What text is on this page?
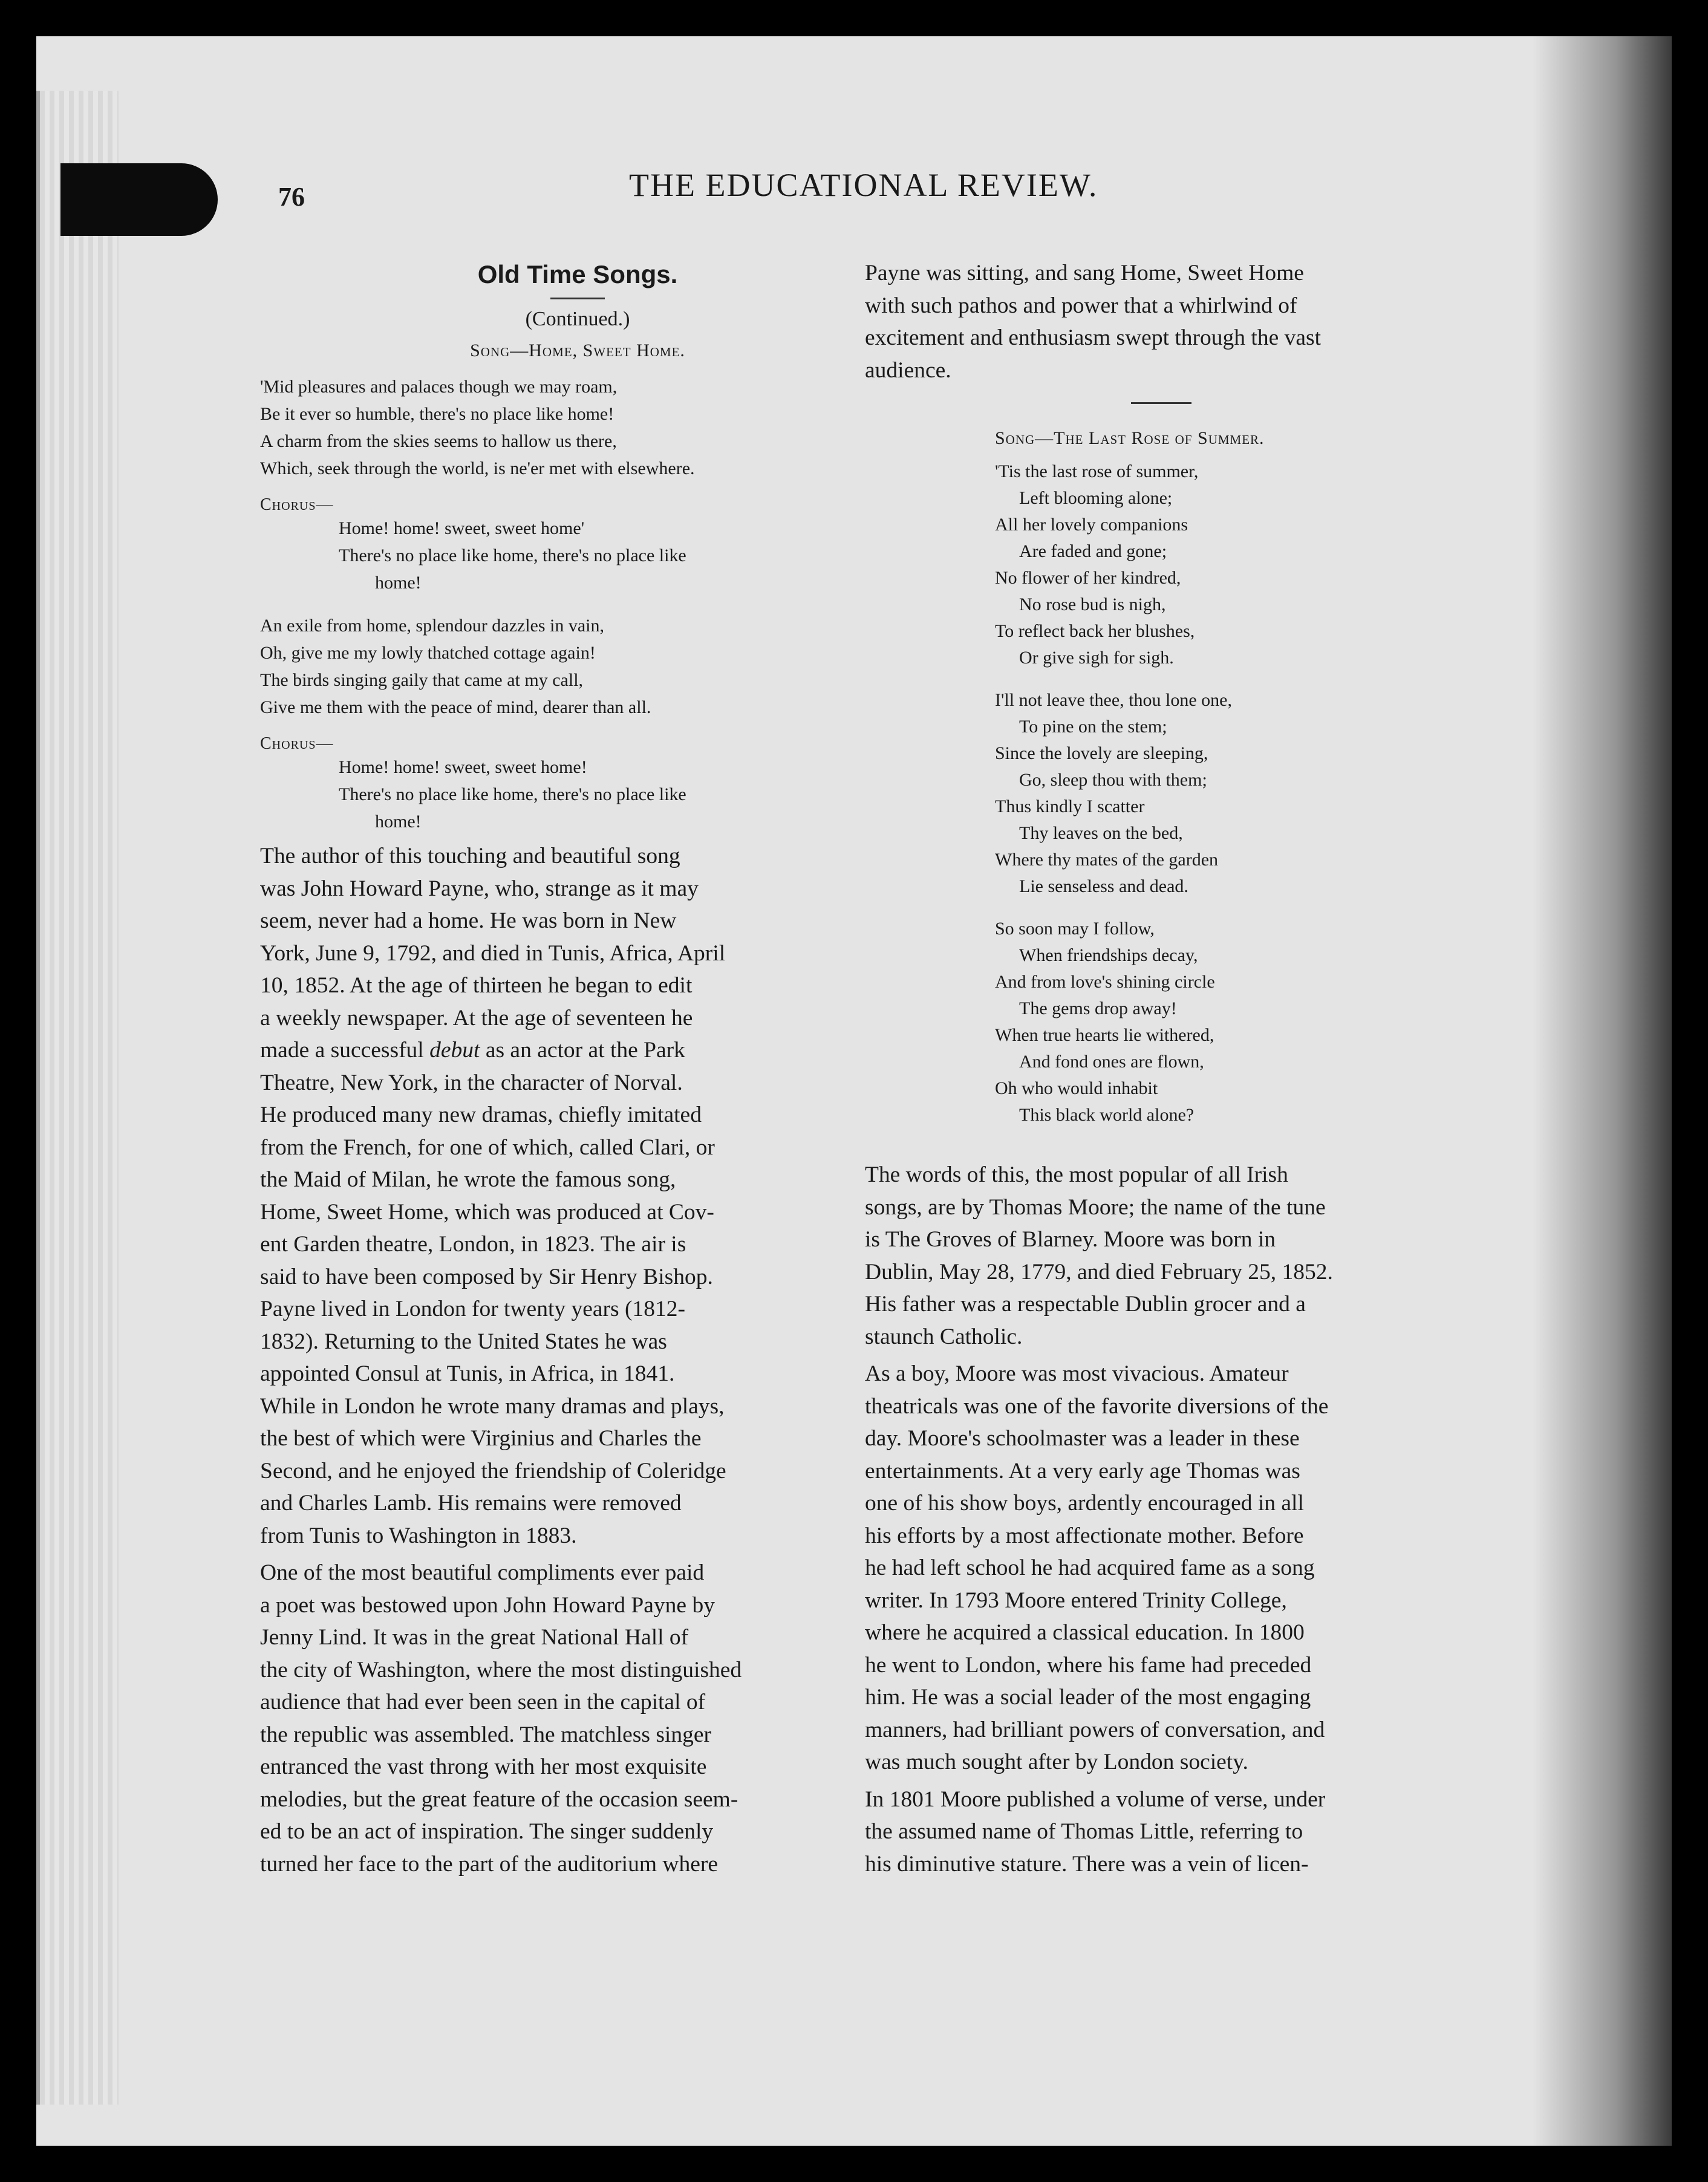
76	THE EDUCATIONAL REVIEW.

Old Time Songs.

(Continued.)

Song—Home, Sweet Home.

'Mid pleasures and palaces though we may roam,
Be it ever so humble, there's no place like home!
A charm from the skies seems to hallow us there,
Which, seek through the world, is ne'er met with elsewhere.

Chorus—

Home! home! sweet, sweet home'
There's no place like home, there's no place like
home!
An exile from home, splendour dazzles in vain,
Oh, give me my lowly thatched cottage again!
The birds singing gaily that came at my call,
Give me them with the peace of mind, dearer than all.

Chorus—

Home! home! sweet, sweet home!
There's no place like home, there's no place like
home!
The author of this touching and beautiful song
was John Howard Payne, who, strange as it may
seem, never had a home. He was born in New
York, June 9, 1792, and died in Tunis, Africa, April
10, 1852. At the age of thirteen he began to edit
a weekly newspaper. At the age of seventeen he
made a successful debut as an actor at the Park
Theatre, New York, in the character of Norval.
He produced many new dramas, chiefly imitated
from the French, for one of which, called Clari, or
the Maid of Milan, he wrote the famous song,
Home, Sweet Home, which was produced at Cov-
ent Garden theatre, London, in 1823. The air is
said to have been composed by Sir Henry Bishop.
Payne lived in London for twenty years (1812-
1832). Returning to the United States he was
appointed Consul at Tunis, in Africa, in 1841.
While in London he wrote many dramas and plays,
the best of which were Virginius and Charles the
Second, and he enjoyed the friendship of Coleridge
and Charles Lamb. His remains were removed
from Tunis to Washington in 1883.
One of the most beautiful compliments ever paid
a poet was bestowed upon John Howard Payne by
Jenny Lind. It was in the great National Hall of
the city of Washington, where the most distinguished
audience that had ever been seen in the capital of
the republic was assembled. The matchless singer
entranced the vast throng with her most exquisite
melodies, but the great feature of the occasion seem-
ed to be an act of inspiration. The singer suddenly
turned her face to the part of the auditorium where
Payne was sitting, and sang Home, Sweet Home
with such pathos and power that a whirlwind of
excitement and enthusiasm swept through the vast
audience.

Song—The Last Rose of Summer.

'Tis the last rose of summer,
Left blooming alone;
All her lovely companions
Are faded and gone;
No flower of her kindred,
No rose bud is nigh,
To reflect back her blushes,
Or give sigh for sigh.
I'll not leave thee, thou lone one,
To pine on the stem;
Since the lovely are sleeping,
Go, sleep thou with them;
Thus kindly I scatter
Thy leaves on the bed,
Where thy mates of the garden
Lie senseless and dead.
So soon may I follow,
When friendships decay,
And from love's shining circle
The gems drop away!
When true hearts lie withered,
And fond ones are flown,
Oh who would inhabit
This black world alone?
The words of this, the most popular of all Irish
songs, are by Thomas Moore; the name of the tune
is The Groves of Blarney. Moore was born in
Dublin, May 28, 1779, and died February 25, 1852.
His father was a respectable Dublin grocer and a
staunch Catholic.
As a boy, Moore was most vivacious. Amateur
theatricals was one of the favorite diversions of the
day. Moore's schoolmaster was a leader in these
entertainments. At a very early age Thomas was
one of his show boys, ardently encouraged in all
his efforts by a most affectionate mother. Before
he had left school he had acquired fame as a song
writer. In 1793 Moore entered Trinity College,
where he acquired a classical education. In 1800
he went to London, where his fame had preceded
him. He was a social leader of the most engaging
manners, had brilliant powers of conversation, and
was much sought after by London society.
In 1801 Moore published a volume of verse, under
the assumed name of Thomas Little, referring to
his diminutive stature. There was a vein of licen-
